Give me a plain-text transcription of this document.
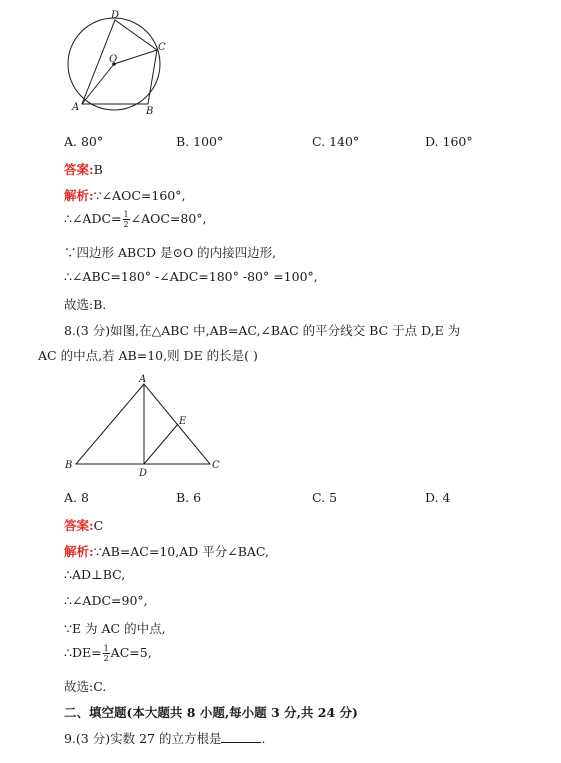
D
C
O
A	B
A. 80°	B. 100°	C. 140°	D. 160°
答案:B
解析:∵∠AOC=160°,
∴∠ADC= $\frac{1}{2}$ ∠AOC=80°,
∵四边形 ABCD 是⊙O 的内接四边形,
∴∠ABC=180° -∠ADC=180° -80° =100°,
故选:B.
8.(3 分)如图,在△ABC 中,AB=AC,∠BAC 的平分线交 BC 于点 D,E 为
AC 的中点,若 AB=10,则 DE 的长是( )
A
B	C
D
E
A. 8	B. 6	C. 5	D. 4
答案:C
解析:∵AB=AC=10,AD 平分∠BAC,
∴AD⊥BC,
∴∠ADC=90°,
∵E 为 AC 的中点,
∴DE= $\frac{1}{2} AC=5$,
故选:C.
二、填空题(本大题共 8 小题,每小题 3 分,共 24 分)
9.(3 分)实数 27 的立方根是	.
